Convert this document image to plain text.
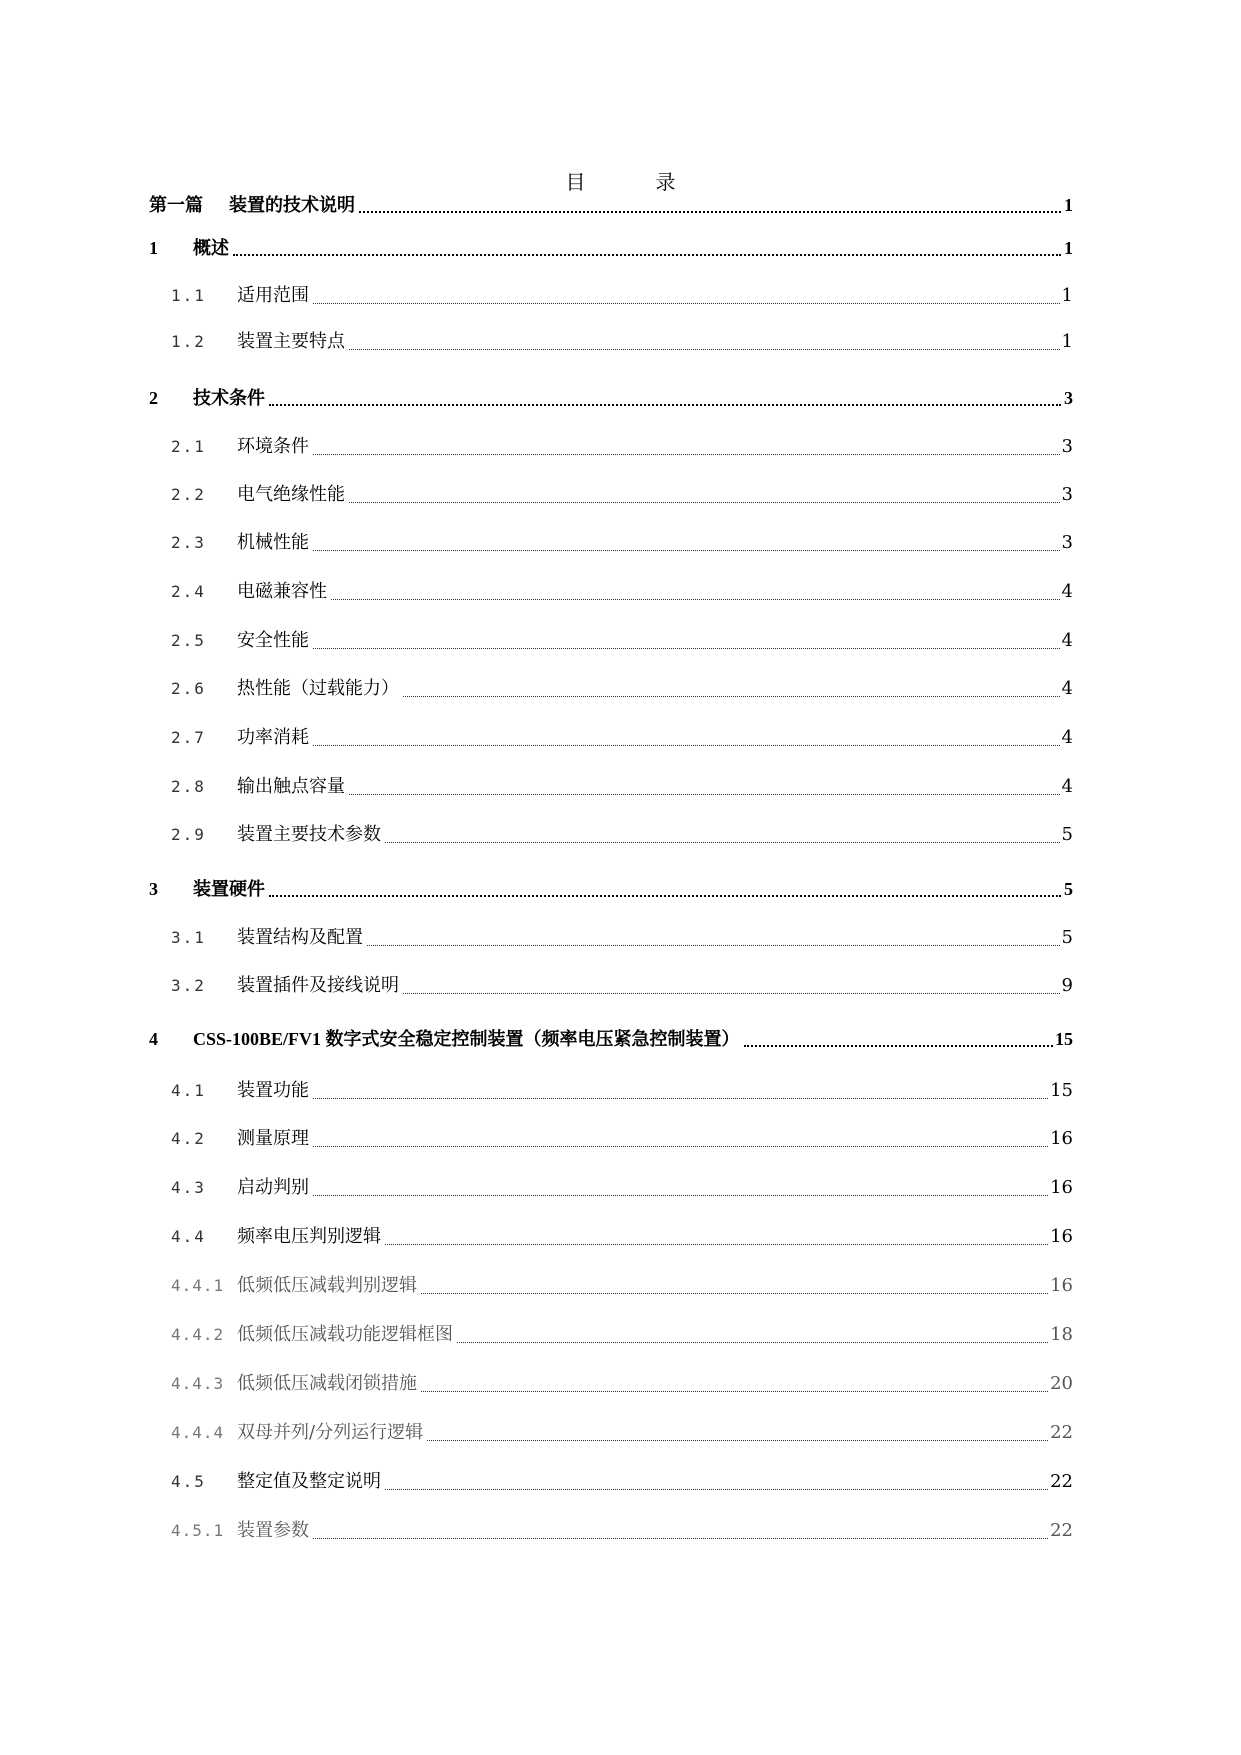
目	录
第一篇	装置的技术说明	1
1	概述	1
1.1	适用范围	1
1.2	装置主要特点	1
2	技术条件	3
2.1	环境条件	3
2.2	电气绝缘性能	3
2.3	机械性能	3
2.4	电磁兼容性	4
2.5	安全性能	4
2.6	热性能（过载能力）	4
2.7	功率消耗	4
2.8	输出触点容量	4
2.9	装置主要技术参数	5
3	装置硬件	5
3.1	装置结构及配置	5
3.2	装置插件及接线说明	9
4	CSS-100BE/FV1 数字式安全稳定控制装置（频率电压紧急控制装置）	15
4.1	装置功能	15
4.2	测量原理	16
4.3	启动判别	16
4.4	频率电压判别逻辑	16
4.4.1 低频低压减载判别逻辑	16
4.4.2 低频低压减载功能逻辑框图	18
4.4.3 低频低压减载闭锁措施	20
4.4.4 双母并列/分列运行逻辑	22
4.5	整定值及整定说明	22
4.5.1 装置参数	22
